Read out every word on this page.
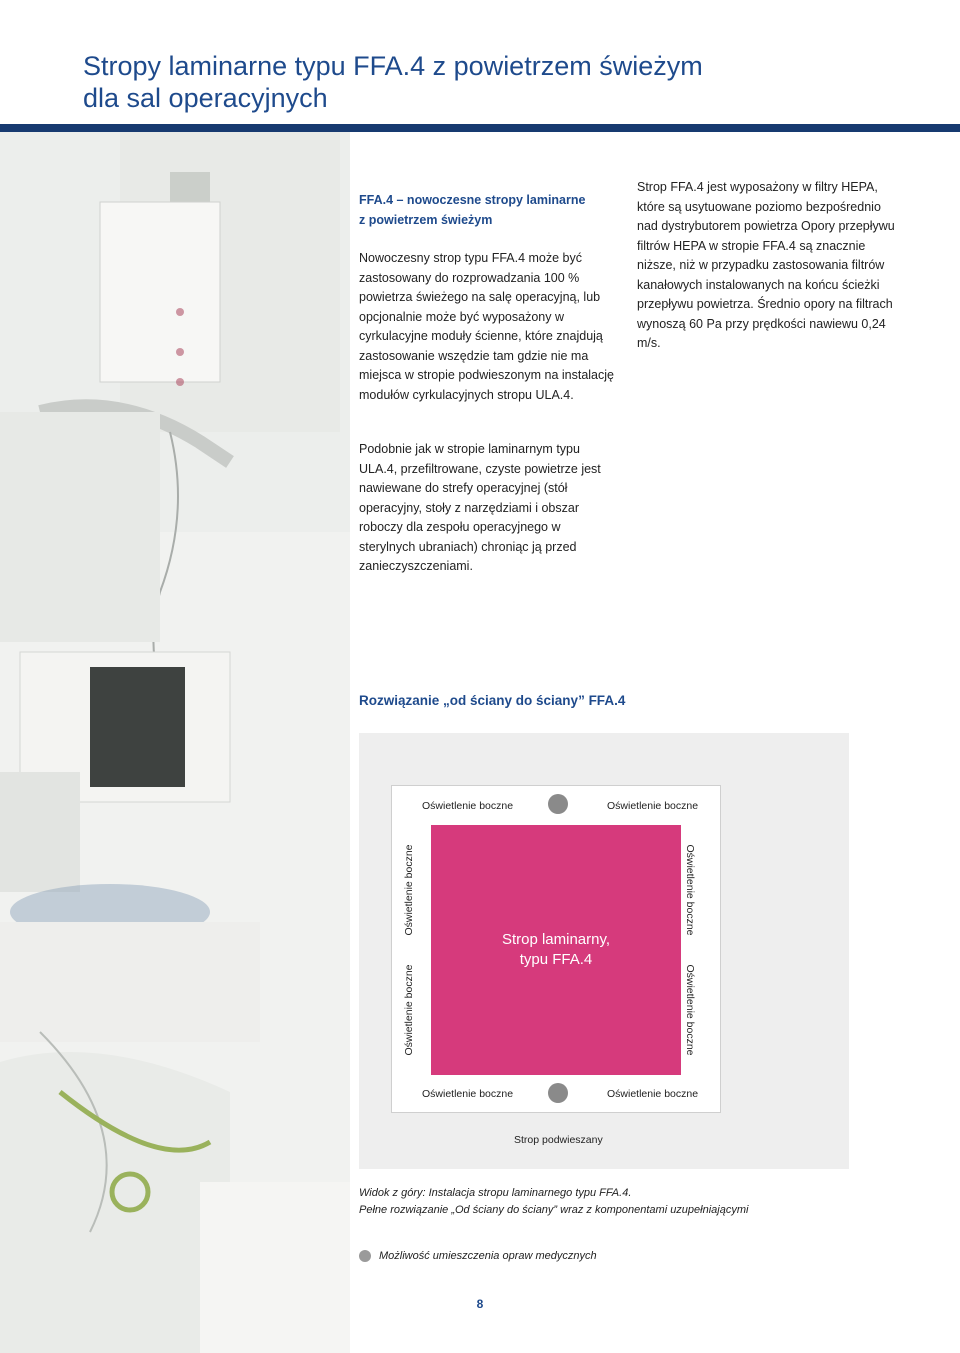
Stropy laminarne typu FFA.4 z powietrzem świeżym
dla sal operacyjnych

FFA.4 – nowoczesne stropy laminarne
z powietrzem świeżym

Nowoczesny strop typu FFA.4 może być zastosowany do rozprowadzania 100 % powietrza świeżego na salę operacyjną, lub opcjonalnie może być wyposażony w cyrkulacyjne moduły ścienne, które znajdują zastosowanie wszędzie tam gdzie nie ma miejsca w stropie podwieszonym na instalację modułów cyrkulacyjnych stropu ULA.4.

Strop FFA.4 jest wyposażony w filtry HEPA, które są usytuowane poziomo bezpośrednio nad dystrybutorem powietrza Opory przepływu filtrów HEPA w stropie FFA.4 są znacznie niższe, niż w przypadku zastosowania filtrów kanałowych instalowanych na końcu ścieżki przepływu powietrza. Średnio opory na filtrach wynoszą 60 Pa przy prędkości nawiewu 0,24 m/s.

Podobnie jak w stropie laminarnym typu ULA.4, przefiltrowane, czyste powietrze jest nawiewane do strefy operacyjnej (stół operacyjny, stoły z narzędziami i obszar roboczy dla zespołu operacyjnego w sterylnych ubraniach) chroniąc ją przed zanieczyszczeniami.

Rozwiązanie „od ściany do ściany” FFA.4
Oświetlenie boczne	Oświetlenie boczne
Oświetlenie boczne	Oświetlenie boczne
Oświetlenie boczne
Oświetlenie boczne
Oświetlenie boczne
Oświetlenie boczne
Strop laminarny,
typu FFA.4
Strop podwieszany

Widok z góry: Instalacja stropu laminarnego typu FFA.4.

Pełne rozwiązanie „Od ściany do ściany” wraz z komponentami uzupełniającymi

Możliwość umieszczenia opraw medycznych
8
